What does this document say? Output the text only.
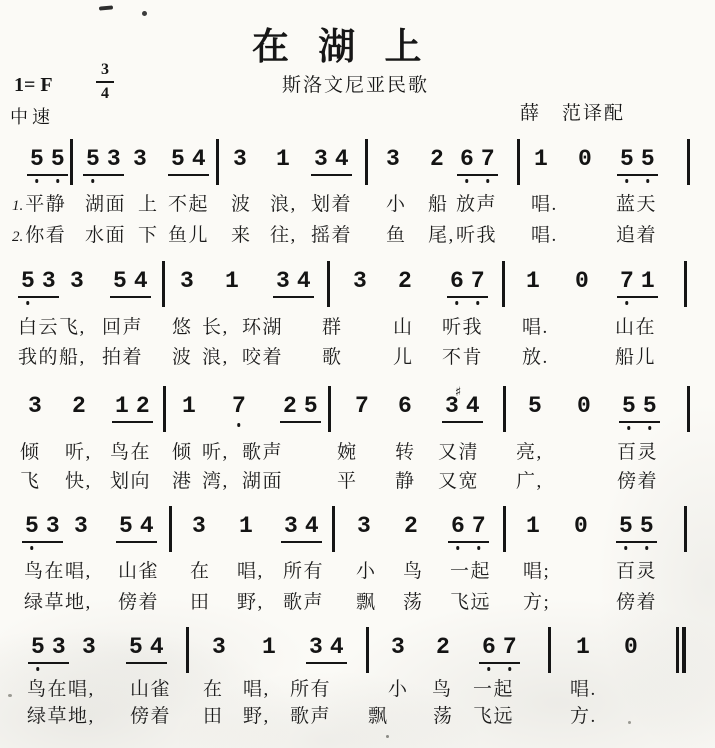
在 湖 上
斯洛文尼亚民歌
1= F
3
4
中速	薛　范译配
5 5 5 3 3 5 4 3 1 3 4 3 2 6 7 1 0 5 5
1. 平静 湖面 上 不起 波 浪, 划着 小 船 放声 唱.	蓝天
2. 你看 水面 下 鱼儿 来 往, 摇着 鱼 尾, 听我 唱.	追着
5 3 3 5 4 3 1 3 4 3 2 6 7 1 0 7 1
白云飞, 回声 悠 长, 环湖 群	山 听我 唱.	山在
我的船, 拍着 波 浪, 咬着 歌	儿 不肯 放.	船儿
3 2 1 2 1 7 2 5 7 6 3
♯
4 5 0 5 5
倾 听, 鸟在 倾 听, 歌声	婉 转 又清 亮,	百灵
飞 快, 划向 港 湾, 湖面	平 静 又宽 广,	傍着
5 3 3 5 4 3 1 3 4 3 2 6 7 1 0 5 5
鸟在唱, 山雀 在 唱, 所有 小 鸟 一起 唱;	百灵
绿草地, 傍着 田 野, 歌声 飘 荡 飞远 方;	傍着
5 3 3 5 4 3 1 3 4 3 2 6 7	1 0
鸟在唱, 山雀 在 唱, 所有	小 鸟 一起	唱.
绿草地, 傍着 田 野, 歌声 飘 荡 飞远	方.
